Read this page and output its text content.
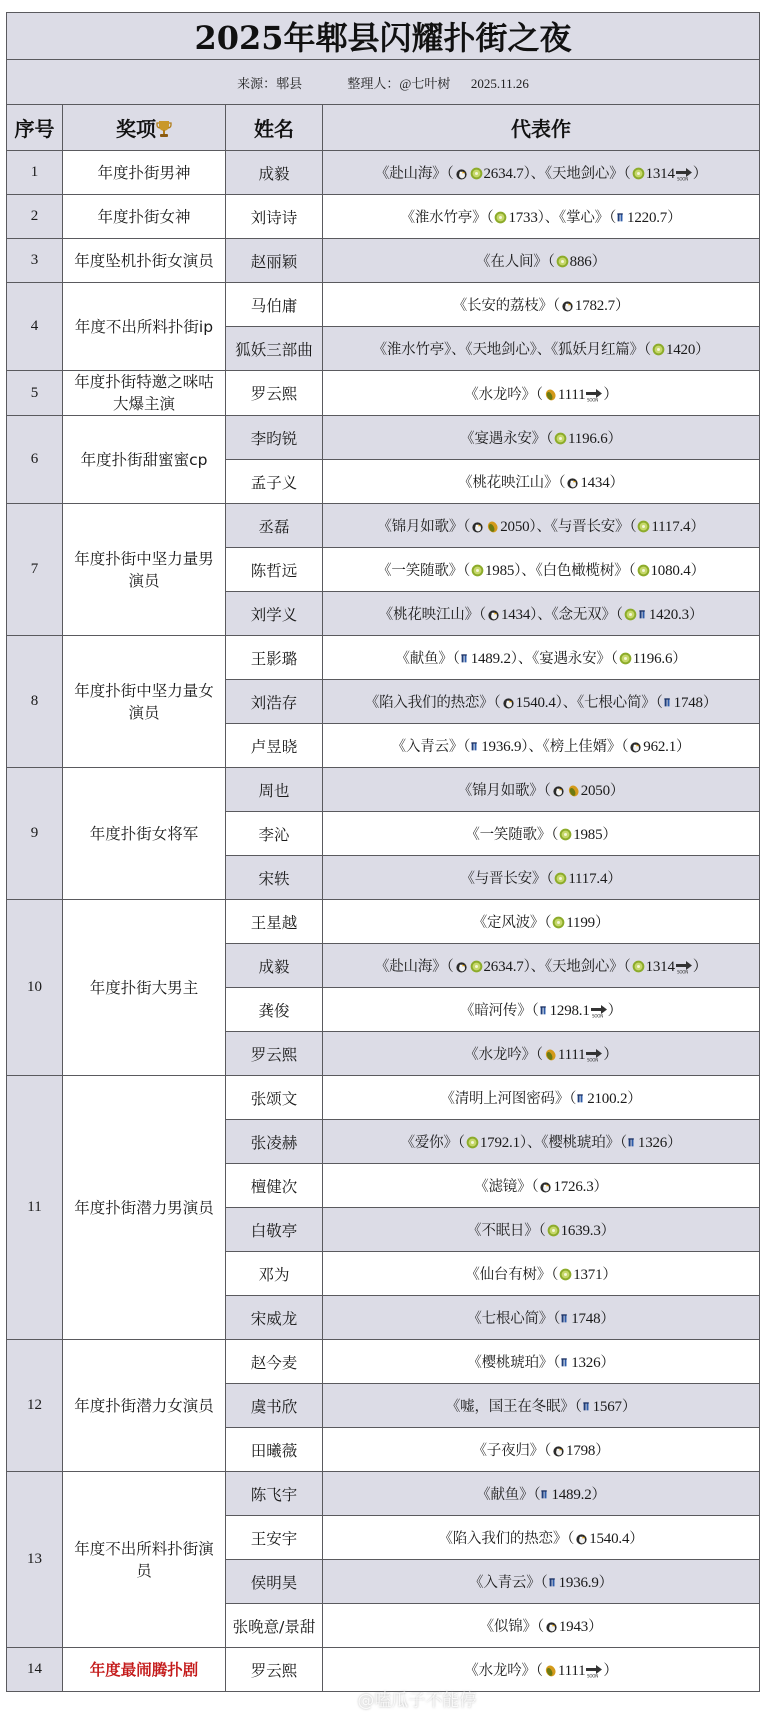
2025年郫县闪耀扑街之夜			
来源：郫县 整理人：@七叶树 2025.11.26			
序号	奖项	姓名	代表作
1	年度扑街男神	成毅	《赴山海》（ 2634.7）、《天地剑心》（ 1314 SOON ）
2	年度扑街女神	刘诗诗	《淮水竹亭》（ 1733）、《掌心》（ 1220.7）
3	年度坠机扑街女演员	赵丽颖	《在人间》（ 886）
4	年度不出所料扑街ip	马伯庸	《长安的荔枝》（ 1782.7）
		狐妖三部曲	《淮水竹亭》、《天地剑心》、《狐妖月红篇》（ 1420）
5	年度扑街特邀之咪咕大爆主演	罗云熙	《水龙吟》（ 1111 SOON ）
6	年度扑街甜蜜蜜cp	李昀锐	《宴遇永安》（ 1196.6）
		孟子义	《桃花映江山》（ 1434）
7	年度扑街中坚力量男演员	丞磊	《锦月如歌》（ 2050）、《与晋长安》（ 1117.4）
		陈哲远	《一笑随歌》（ 1985）、《白色橄榄树》（ 1080.4）
		刘学义	《桃花映江山》（ 1434）、《念无双》（ 1420.3）
8	年度扑街中坚力量女演员	王影璐	《献鱼》（ 1489.2）、《宴遇永安》（ 1196.6）
		刘浩存	《陷入我们的热恋》（ 1540.4）、《七根心简》（ 1748）
		卢昱晓	《入青云》（ 1936.9）、《榜上佳婿》（ 962.1）
9	年度扑街女将军	周也	《锦月如歌》（ 2050）
		李沁	《一笑随歌》（ 1985）
		宋轶	《与晋长安》（ 1117.4）
10	年度扑街大男主	王星越	《定风波》（ 1199）
		成毅	《赴山海》（ 2634.7）、《天地剑心》（ 1314 SOON ）
		龚俊	《暗河传》（ 1298.1 SOON ）
		罗云熙	《水龙吟》（ 1111 SOON ）
11	年度扑街潜力男演员	张颂文	《清明上河图密码》（ 2100.2）
		张凌赫	《爱你》（ 1792.1）、《樱桃琥珀》（ 1326）
		檀健次	《滤镜》（ 1726.3）
		白敬亭	《不眠日》（ 1639.3）
		邓为	《仙台有树》（ 1371）
		宋威龙	《七根心简》（ 1748）
12	年度扑街潜力女演员	赵今麦	《樱桃琥珀》（ 1326）
		虞书欣	《嘘，国王在冬眠》（ 1567）
		田曦薇	《子夜归》（ 1798）
13	年度不出所料扑街演员	陈飞宇	《献鱼》（ 1489.2）
		王安宇	《陷入我们的热恋》（ 1540.4）
		侯明昊	《入青云》（ 1936.9）
		张晚意/景甜	《似锦》（ 1943）
14	年度最闹腾扑剧	罗云熙	《水龙吟》（ 1111 SOON ）
@嗑瓜子不能停
